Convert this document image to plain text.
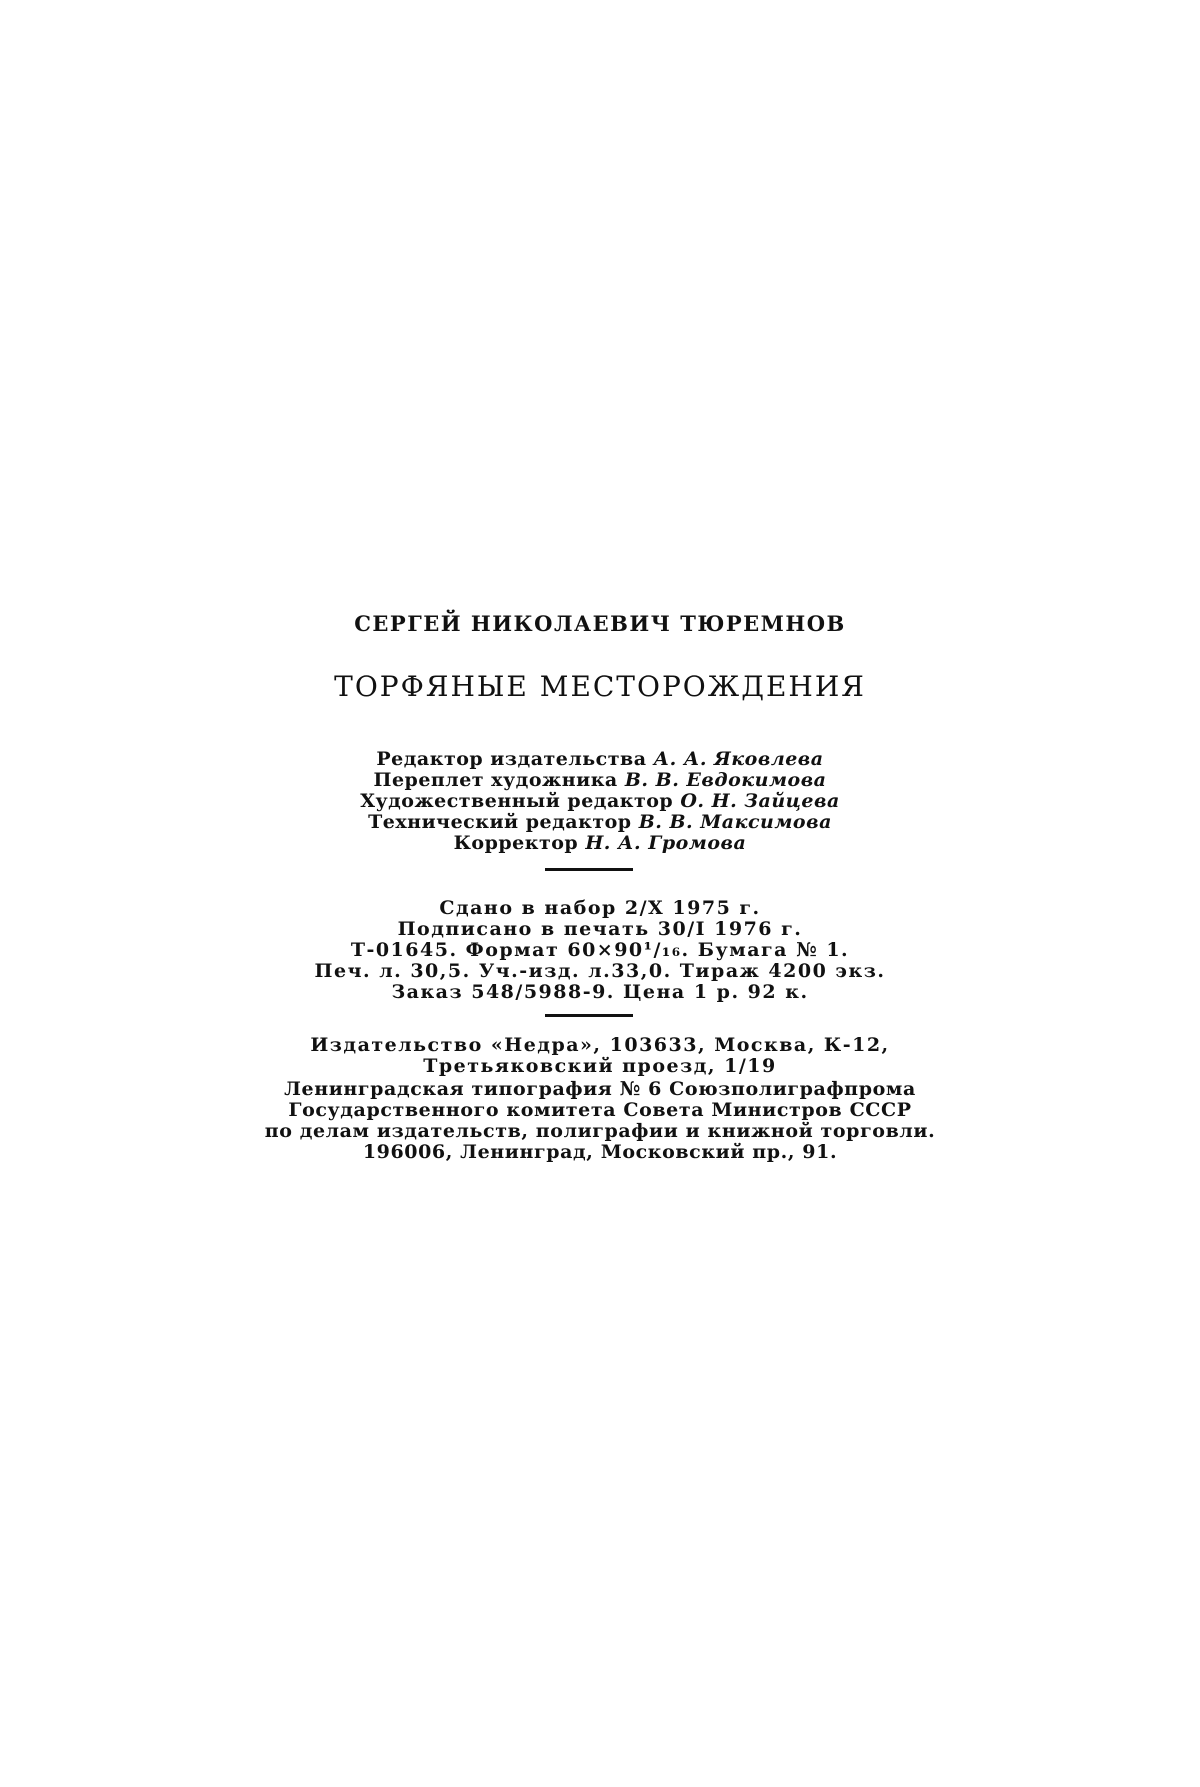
СЕРГЕЙ НИКОЛАЕВИЧ ТЮРЕМНОВ
ТОРФЯНЫЕ МЕСТОРОЖДЕНИЯ
Редактор издательства А. А. Яковлева
Переплет художника В. В. Евдокимова
Художественный редактор О. Н. Зайцева
Технический редактор В. В. Максимова
Корректор Н. А. Громова
Сдано в набор 2/X 1975 г.
Подписано в печать 30/I 1976 г.
Т-01645. Формат 60×90¹/₁₆. Бумага № 1.
Печ. л. 30,5. Уч.-изд. л.33,0. Тираж 4200 экз.
Заказ 548/5988-9. Цена 1 р. 92 к.
Издательство «Недра», 103633, Москва, К-12,
Третьяковский проезд, 1/19
Ленинградская типография № 6 Союзполиграфпрома
Государственного комитета Совета Министров СССР
по делам издательств, полиграфии и книжной торговли.
196006, Ленинград, Московский пр., 91.
